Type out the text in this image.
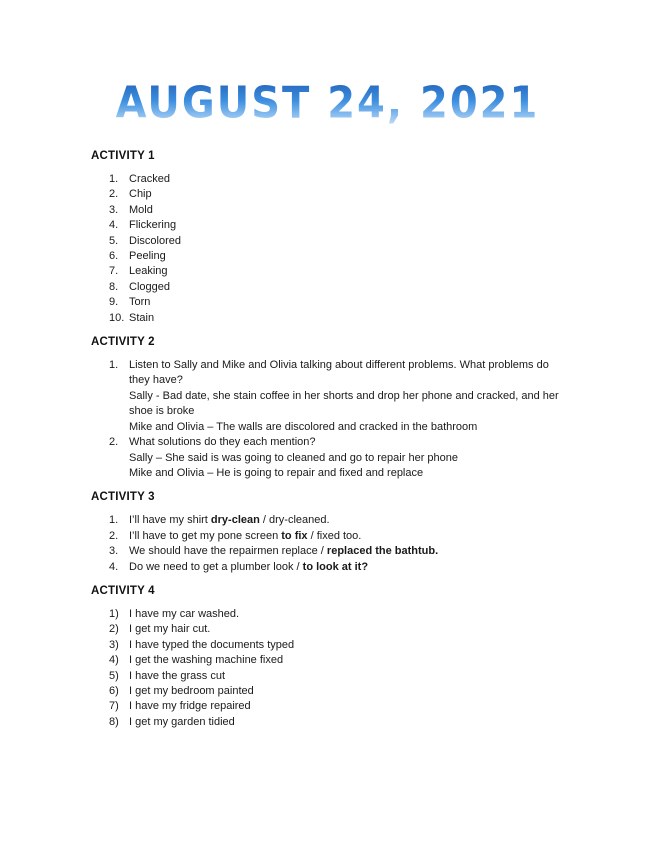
AUGUST 24, 2021
ACTIVITY 1
1. Cracked
2. Chip
3. Mold
4. Flickering
5. Discolored
6. Peeling
7. Leaking
8. Clogged
9. Torn
10. Stain
ACTIVITY 2
1. Listen to Sally and Mike and Olivia talking about different problems. What problems do they have?
Sally - Bad date, she stain coffee in her shorts and drop her phone and cracked, and her shoe is broke
Mike and Olivia – The walls are discolored and cracked in the bathroom
2. What solutions do they each mention?
Sally – She said is was going to cleaned and go to repair her phone
Mike and Olivia – He is going to repair and fixed and replace
ACTIVITY 3
1. I’ll have my shirt dry-clean / dry-cleaned.
2. I’ll have to get my pone screen to fix / fixed too.
3. We should have the repairmen replace / replaced the bathtub.
4. Do we need to get a plumber look / to look at it?
ACTIVITY 4
1) I have my car washed.
2) I get my hair cut.
3) I have typed the documents typed
4) I get the washing machine fixed
5) I have the grass cut
6) I get my bedroom painted
7) I have my fridge repaired
8) I get my garden tidied
